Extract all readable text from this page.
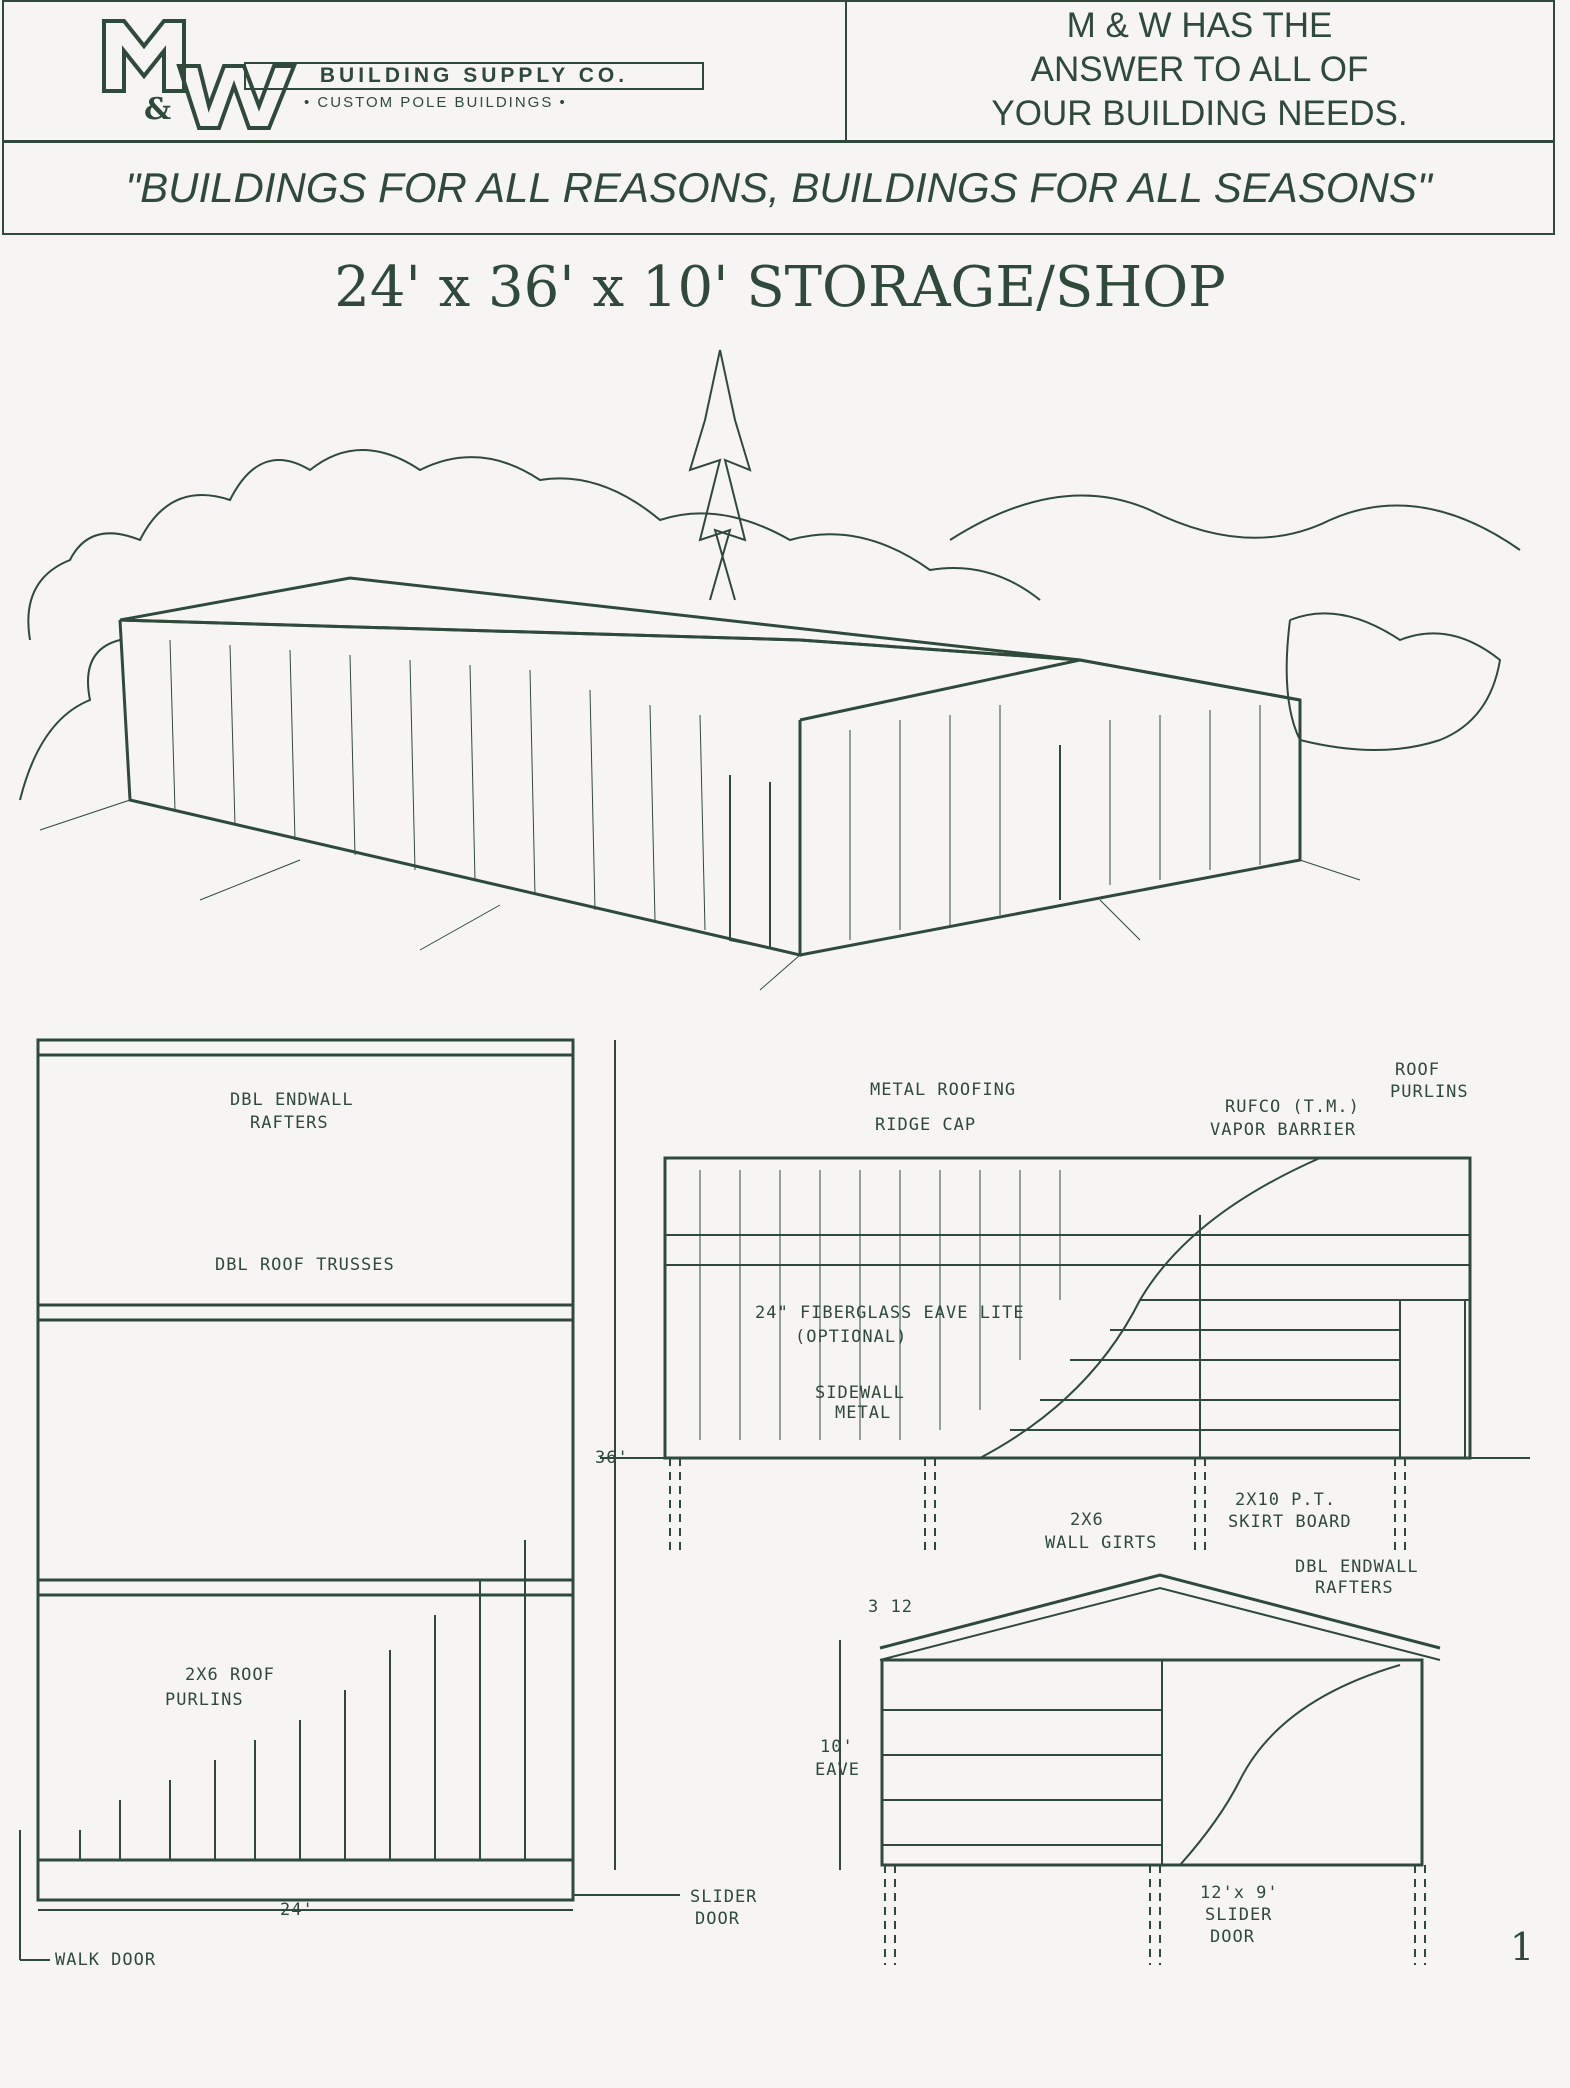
&
BUILDING SUPPLY CO.
• CUSTOM POLE BUILDINGS •
M & W HAS THE
ANSWER TO ALL OF
YOUR BUILDING NEEDS.
"BUILDINGS FOR ALL REASONS, BUILDINGS FOR ALL SEASONS"
24' x 36' x 10' STORAGE/SHOP
DBL ENDWALL
RAFTERS
DBL ROOF TRUSSES
2X6 ROOF
PURLINS
36'
24'
WALK DOOR
SLIDER
DOOR
METAL ROOFING
RIDGE CAP
ROOF
PURLINS
RUFCO (T.M.)
VAPOR BARRIER
24" FIBERGLASS EAVE LITE
(OPTIONAL)
SIDEWALL
METAL
2X6
WALL GIRTS
2X10 P.T.
SKIRT BOARD
3 12
DBL ENDWALL
RAFTERS
10'
EAVE
12'x 9'
SLIDER
DOOR	1
